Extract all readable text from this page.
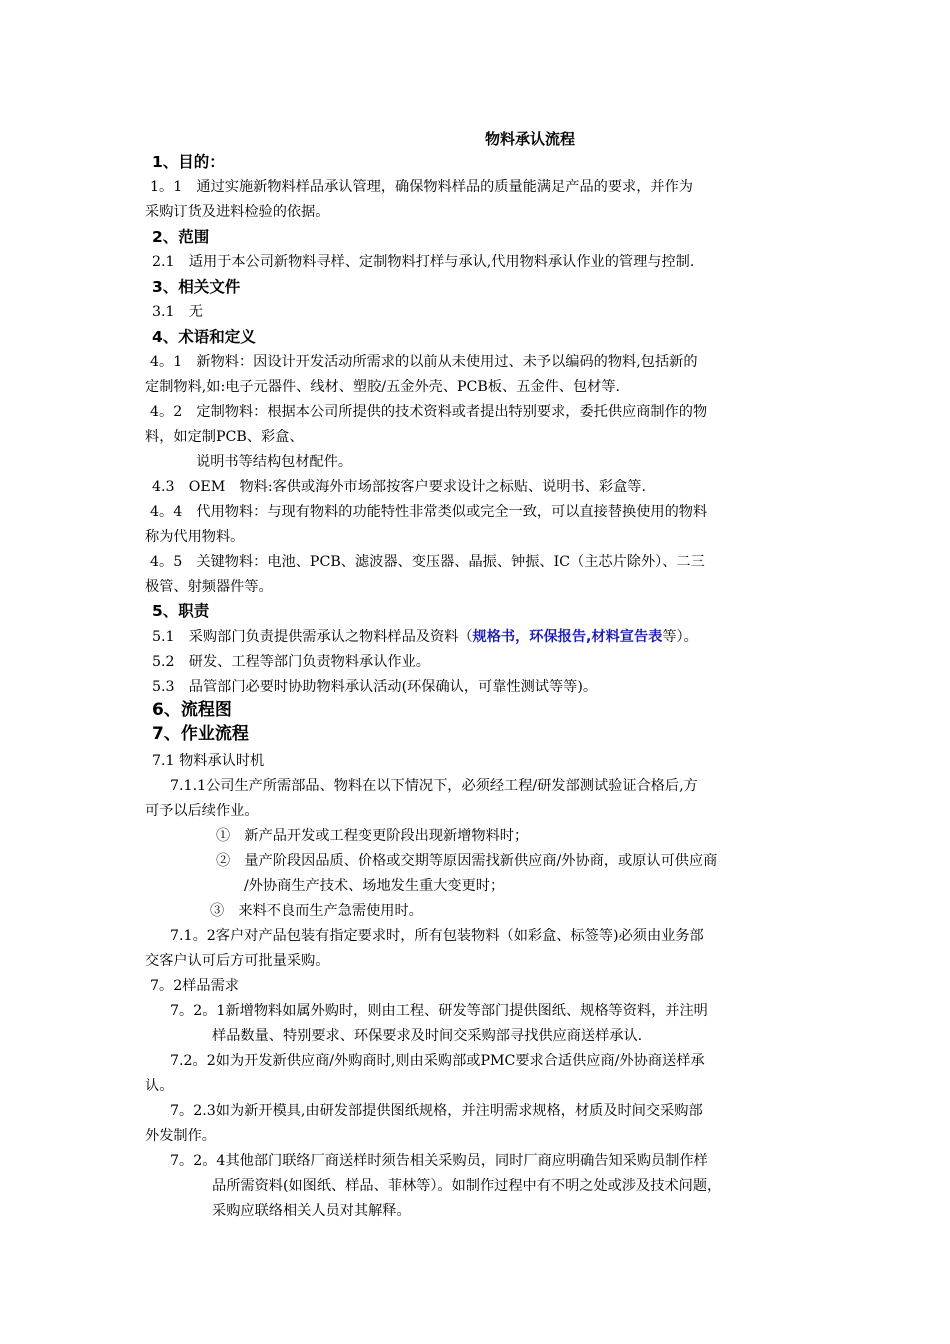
物料承认流程
1、目的：
1。1　通过实施新物料样品承认管理，确保物料样品的质量能满足产品的要求，并作为
采购订货及进料检验的依据。
2、范围
2.1　适用于本公司新物料寻样、定制物料打样与承认,代用物料承认作业的管理与控制.
3、相关文件
3.1　无
4、术语和定义
4。1　新物料：因设计开发活动所需求的以前从未使用过、未予以编码的物料,包括新的
定制物料,如:电子元器件、线材、塑胶/五金外壳、PCB板、五金件、包材等.
4。2　定制物料：根据本公司所提供的技术资料或者提出特别要求，委托供应商制作的物
料，如定制PCB、彩盒、
说明书等结构包材配件。
4.3　OEM　物料:客供或海外市场部按客户要求设计之标贴、说明书、彩盒等.
4。4　代用物料：与现有物料的功能特性非常类似或完全一致，可以直接替换使用的物料
称为代用物料。
4。5　关键物料：电池、PCB、滤波器、变压器、晶振、钟振、IC（主芯片除外）、二三
极管、射频器件等。
5、职责
5.1　采购部门负责提供需承认之物料样品及资料（规格书，环保报告,材料宣告表等）。
5.2　研发、工程等部门负责物料承认作业。
5.3　品管部门必要时协助物料承认活动(环保确认，可靠性测试等等)。
6、流程图
7、作业流程
7.1 物料承认时机
7.1.1公司生产所需部品、物料在以下情况下，必须经工程/研发部测试验证合格后,方
可予以后续作业。
①　新产品开发或工程变更阶段出现新增物料时；
②　量产阶段因品质、价格或交期等原因需找新供应商/外协商，或原认可供应商
/外协商生产技术、场地发生重大变更时；
③　来料不良而生产急需使用时。
7.1。2客户对产品包装有指定要求时，所有包装物料（如彩盒、标签等)必须由业务部
交客户认可后方可批量采购。
7。2样品需求
7。2。1新增物料如属外购时，则由工程、研发等部门提供图纸、规格等资料，并注明
样品数量、特别要求、环保要求及时间交采购部寻找供应商送样承认.
7.2。2如为开发新供应商/外购商时,则由采购部或PMC要求合适供应商/外协商送样承
认。
7。2.3如为新开模具,由研发部提供图纸规格，并注明需求规格，材质及时间交采购部
外发制作。
7。2。4其他部门联络厂商送样时须告相关采购员，同时厂商应明确告知采购员制作样
品所需资料(如图纸、样品、菲林等）。如制作过程中有不明之处或涉及技术问题，
采购应联络相关人员对其解释。
